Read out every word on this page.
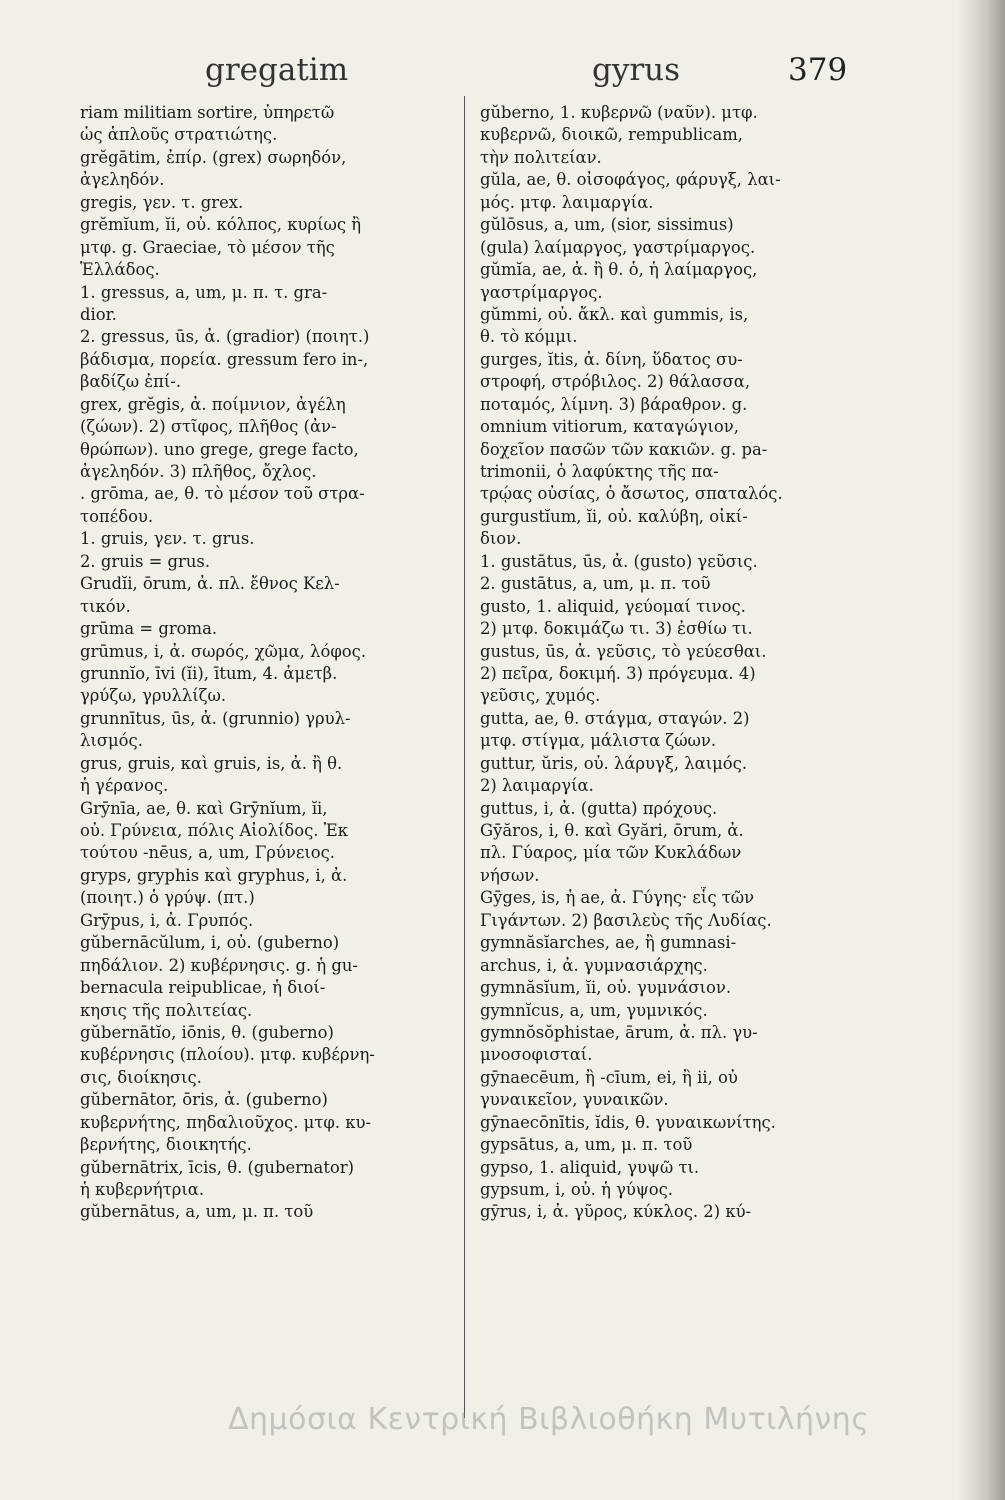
gregatim	gyrus	379
riam militiam sortire, ὑπηρετῶ
ὡς ἁπλοῦς στρατιώτης.
grĕgātim, ἐπίρ. (grex) σωρηδόν,
ἀγεληδόν.
gregis, γεν. τ. grex.
grĕmĭum, ĭi, οὐ. κόλπος, κυρίως ἢ
μτφ. g. Graeciae, τὸ μέσον τῆς
Ἑλλάδος.
1. gressus, a, um, μ. π. τ. gra-
dior.
2. gressus, ūs, ἀ. (gradior) (ποιητ.)
βάδισμα, πορεία. gressum fero in-,
βαδίζω ἐπί-.
grex, grĕgis, ἀ. ποίμνιον, ἀγέλη
(ζώων). 2) στῖφος, πλῆθος (ἀν-
θρώπων). uno grege, grege facto,
ἀγεληδόν. 3) πλῆθος, ὄχλος.
. grōma, ae, θ. τὸ μέσον τοῦ στρα-
τοπέδου.
1. gruis, γεν. τ. grus.
2. gruis = grus.
Grudĭi, ōrum, ἀ. πλ. ἔθνος Κελ-
τικόν.
grūma = groma.
grūmus, i, ἀ. σωρός, χῶμα, λόφος.
grunnĭo, īvi (ĭi), ītum, 4. ἀμετβ.
γρύζω, γρυλλίζω.
grunnītus, ūs, ἀ. (grunnio) γρυλ-
λισμός.
grus, gruis, καὶ gruis, is, ἀ. ἢ θ.
ἡ γέρανος.
Grȳnīa, ae, θ. καὶ Grȳnĭum, ĭi,
οὐ. Γρύνεια, πόλις Αἰολίδος. Ἐκ
τούτου -nēus, a, um, Γρύνειος.
gryps, gryphis καὶ gryphus, i, ἀ.
(ποιητ.) ὁ γρύψ. (πτ.)
Grȳpus, i, ἀ. Γρυπός.
gŭbernācŭlum, i, οὐ. (guberno)
πηδάλιον. 2) κυβέρνησις. g. ἡ gu-
bernacula reipublicae, ἡ διοί-
κησις τῆς πολιτείας.
gŭbernātĭo, iōnis, θ. (guberno)
κυβέρνησις (πλοίου). μτφ. κυβέρνη-
σις, διοίκησις.
gŭbernātor, ōris, ἀ. (guberno)
κυβερνήτης, πηδαλιοῦχος. μτφ. κυ-
βερνήτης, διοικητής.
gŭbernātrix, īcis, θ. (gubernator)
ἡ κυβερνήτρια.
gŭbernātus, a, um, μ. π. τοῦ
gŭberno, 1. κυβερνῶ (ναῦν). μτφ.
κυβερνῶ, διοικῶ, rempublicam,
τὴν πολιτείαν.
gŭla, ae, θ. οἰσοφάγος, φάρυγξ, λαι-
μός. μτφ. λαιμαργία.
gŭlōsus, a, um, (sior, sissimus)
(gula) λαίμαργος, γαστρίμαργος.
gŭmĭa, ae, ἀ. ἢ θ. ὁ, ἡ λαίμαργος,
γαστρίμαργος.
gŭmmi, οὐ. ἄκλ. καὶ gummis, is,
θ. τὸ κόμμι.
gurges, ĭtis, ἀ. δίνη, ὕδατος συ-
στροφή, στρόβιλος. 2) θάλασσα,
ποταμός, λίμνη. 3) βάραθρον. g.
omnium vitiorum, καταγώγιον,
δοχεῖον πασῶν τῶν κακιῶν. g. pa-
trimonii, ὁ λαφύκτης τῆς πα-
τρῴας οὐσίας, ὁ ἄσωτος, σπαταλός.
gurgustĭum, ĭi, οὐ. καλύβη, οἰκί-
διον.
1. gustātus, ūs, ἀ. (gusto) γεῦσις.
2. gustātus, a, um, μ. π. τοῦ
gusto, 1. aliquid, γεύομαί τινος.
2) μτφ. δοκιμάζω τι. 3) ἐσθίω τι.
gustus, ūs, ἀ. γεῦσις, τὸ γεύεσθαι.
2) πεῖρα, δοκιμή. 3) πρόγευμα. 4)
γεῦσις, χυμός.
gutta, ae, θ. στάγμα, σταγών. 2)
μτφ. στίγμα, μάλιστα ζώων.
guttur, ŭris, οὐ. λάρυγξ, λαιμός.
2) λαιμαργία.
guttus, i, ἀ. (gutta) πρόχους.
Gȳăros, i, θ. καὶ Gyări, ōrum, ἀ.
πλ. Γύαρος, μία τῶν Κυκλάδων
νήσων.
Gȳges, is, ἡ ae, ἀ. Γύγης· εἷς τῶν
Γιγάντων. 2) βασιλεὺς τῆς Λυδίας.
gymnăsĭarches, ae, ἢ gumnasi-
archus, i, ἀ. γυμνασιάρχης.
gymnăsĭum, ĭi, οὐ. γυμνάσιον.
gymnĭcus, a, um, γυμνικός.
gymnŏsŏphistae, ārum, ἀ. πλ. γυ-
μνοσοφισταί.
gȳnaecēum, ἢ -cīum, ei, ἢ ii, οὐ
γυναικεῖον, γυναικῶν.
gȳnaecōnītis, ĭdis, θ. γυναικωνίτης.
gypsātus, a, um, μ. π. τοῦ
gypso, 1. aliquid, γυψῶ τι.
gypsum, i, οὐ. ἡ γύψος.
gȳrus, i, ἀ. γῦρος, κύκλος. 2) κύ-
Δημόσια Κεντρική Βιβλιοθήκη Μυτιλήνης
